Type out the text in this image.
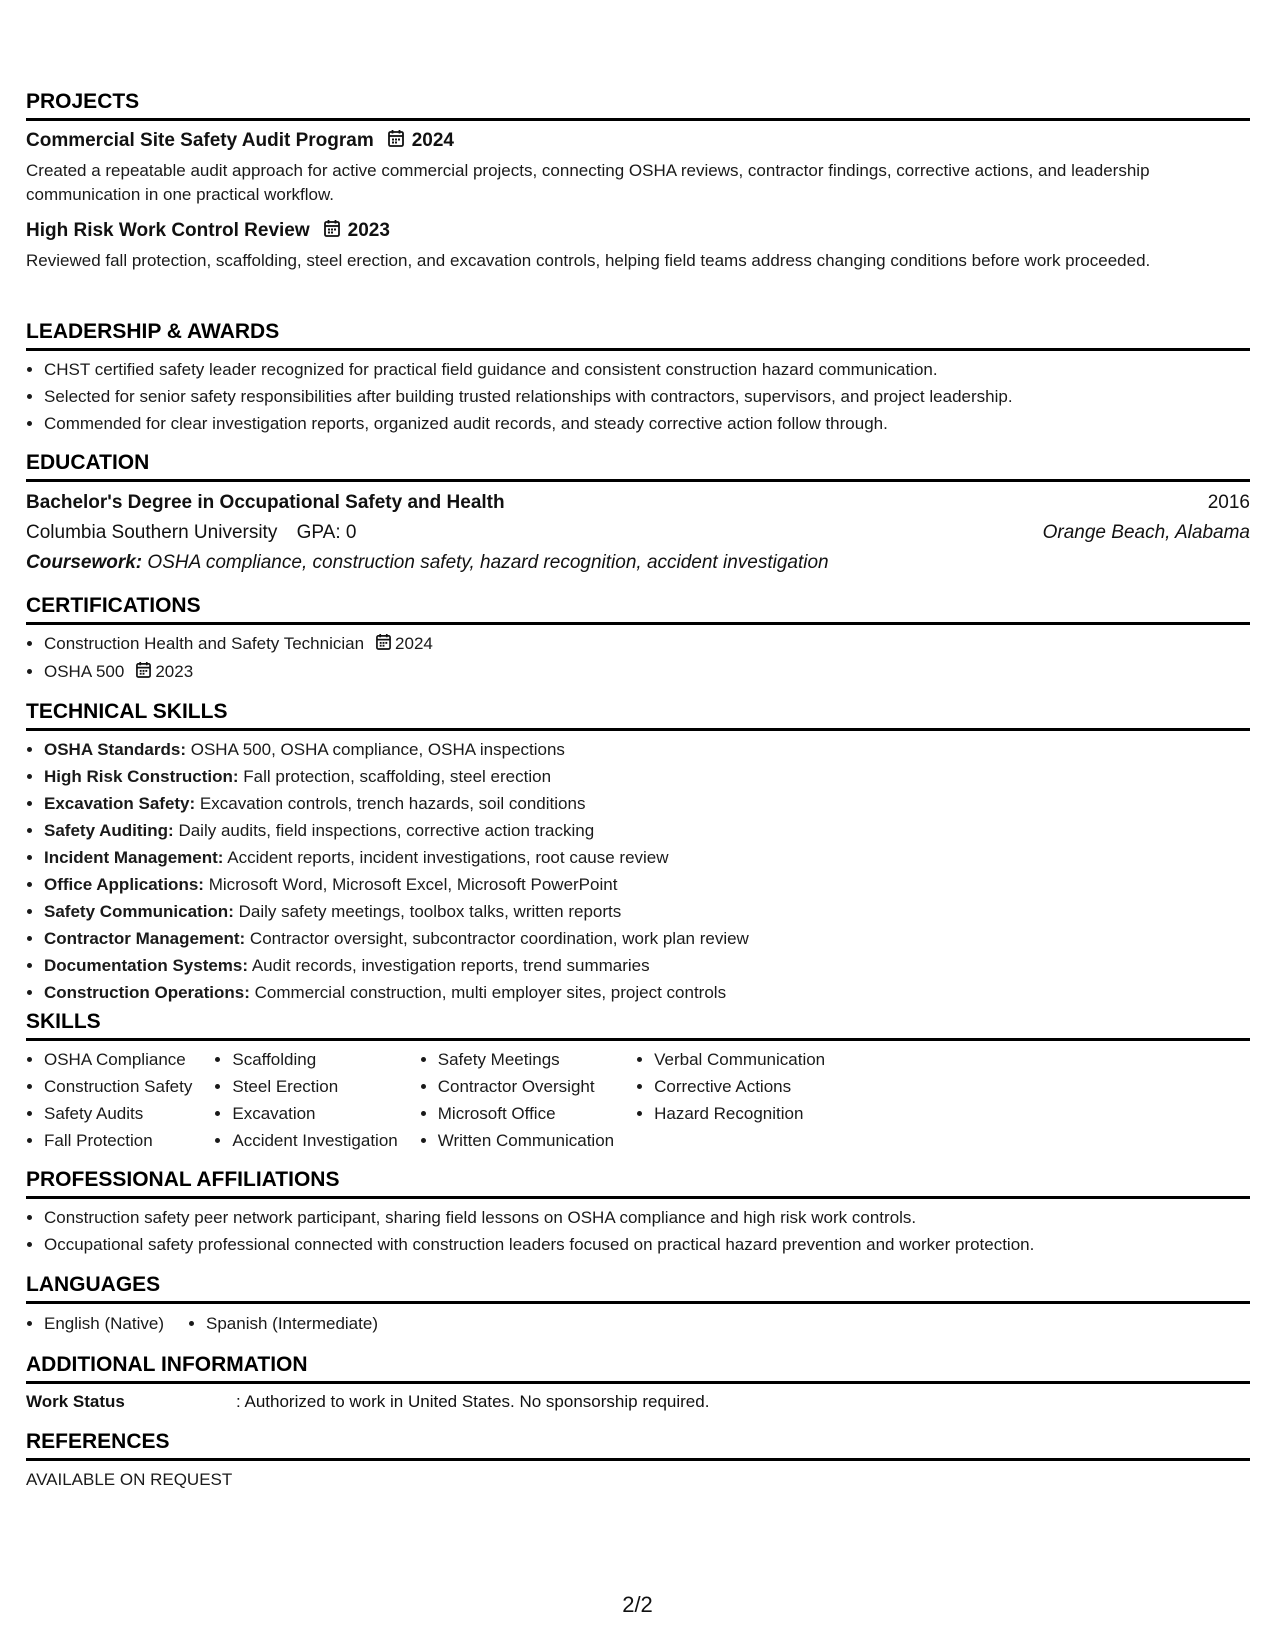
PROJECTS
Commercial Site Safety Audit Program 2024
Created a repeatable audit approach for active commercial projects, connecting OSHA reviews, contractor findings, corrective actions, and leadership communication in one practical workflow.
High Risk Work Control Review 2023
Reviewed fall protection, scaffolding, steel erection, and excavation controls, helping field teams address changing conditions before work proceeded.
LEADERSHIP & AWARDS
• CHST certified safety leader recognized for practical field guidance and consistent construction hazard communication.
• Selected for senior safety responsibilities after building trusted relationships with contractors, supervisors, and project leadership.
• Commended for clear investigation reports, organized audit records, and steady corrective action follow through.
EDUCATION
Bachelor's Degree in Occupational Safety and Health	2016
Columbia Southern University GPA: 0	Orange Beach, Alabama
Coursework: OSHA compliance, construction safety, hazard recognition, accident investigation
CERTIFICATIONS
• Construction Health and Safety Technician 2024
• OSHA 500 2023
TECHNICAL SKILLS
• OSHA Standards: OSHA 500, OSHA compliance, OSHA inspections
• High Risk Construction: Fall protection, scaffolding, steel erection
• Excavation Safety: Excavation controls, trench hazards, soil conditions
• Safety Auditing: Daily audits, field inspections, corrective action tracking
• Incident Management: Accident reports, incident investigations, root cause review
• Office Applications: Microsoft Word, Microsoft Excel, Microsoft PowerPoint
• Safety Communication: Daily safety meetings, toolbox talks, written reports
• Contractor Management: Contractor oversight, subcontractor coordination, work plan review
• Documentation Systems: Audit records, investigation reports, trend summaries
• Construction Operations: Commercial construction, multi employer sites, project controls
SKILLS
• OSHA Compliance
• Construction Safety
• Safety Audits
• Fall Protection
• Scaffolding
• Steel Erection
• Excavation
• Accident Investigation
• Safety Meetings
• Contractor Oversight
• Microsoft Office
• Written Communication
• Verbal Communication
• Corrective Actions
• Hazard Recognition
PROFESSIONAL AFFILIATIONS
• Construction safety peer network participant, sharing field lessons on OSHA compliance and high risk work controls.
• Occupational safety professional connected with construction leaders focused on practical hazard prevention and worker protection.
LANGUAGES
• English (Native)
• Spanish (Intermediate)
ADDITIONAL INFORMATION
Work Status	: Authorized to work in United States. No sponsorship required.
REFERENCES
AVAILABLE ON REQUEST
2/2
